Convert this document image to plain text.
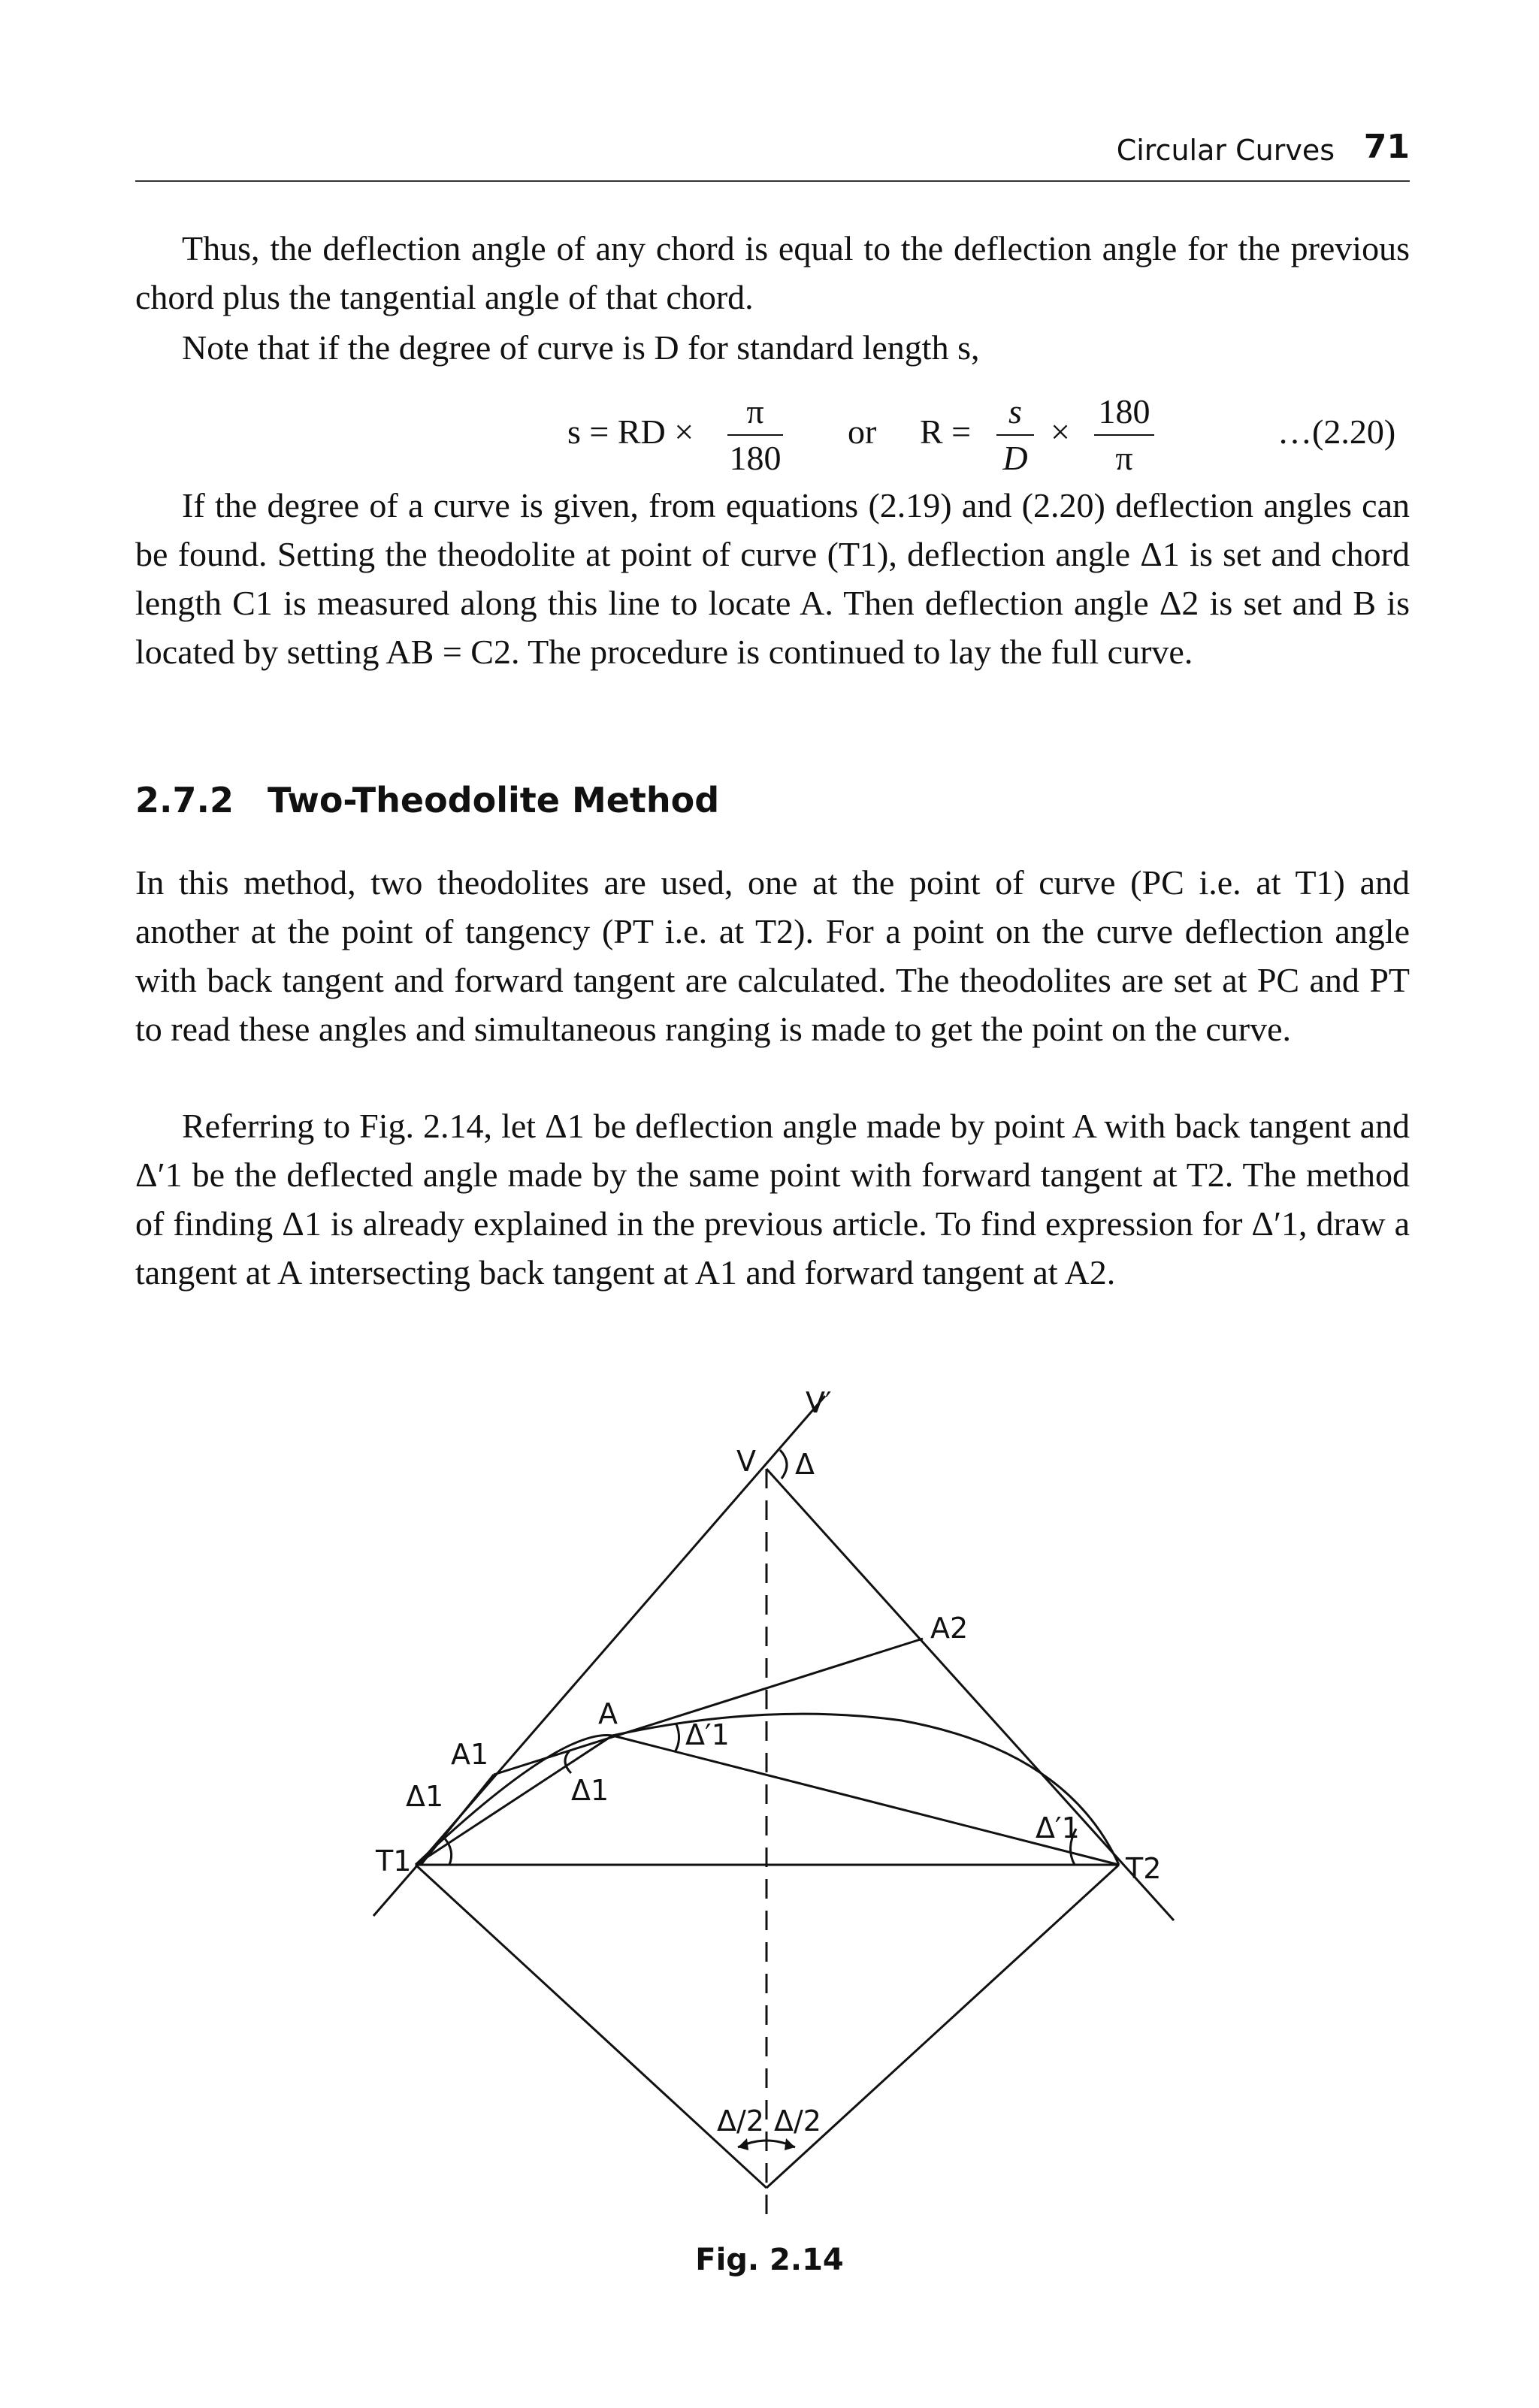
Circular Curves 71

Thus, the deflection angle of any chord is equal to the deflection angle for the previous chord plus the tangential angle of that chord.

Note that if the degree of curve is D for standard length s,

s = RD ×
π
180
or R =
s
D
×
180
π
…(2.20)

If the degree of a curve is given, from equations (2.19) and (2.20) deflection angles can be found. Setting the theodolite at point of curve (T1), deflection angle Δ1 is set and chord length C1 is measured along this line to locate A. Then deflection angle Δ2 is set and B is located by setting AB = C2. The procedure is continued to lay the full curve.

2.7.2 Two-Theodolite Method

In this method, two theodolites are used, one at the point of curve (PC i.e. at T1) and another at the point of tangency (PT i.e. at T2). For a point on the curve deflection angle with back tangent and forward tangent are calculated. The theodolites are set at PC and PT to read these angles and simultaneous ranging is made to get the point on the curve.

Referring to Fig. 2.14, let Δ1 be deflection angle made by point A with back tangent and Δ′1 be the deflected angle made by the same point with forward tangent at T2. The method of finding Δ1 is already explained in the previous article. To find expression for Δ′1, draw a tangent at A intersecting back tangent at A1 and forward tangent at A2.

V′
V Δ
A2
A
A1
Δ1	Δ1
Δ′1
Δ′1
T1	T2
Δ/2 Δ/2
Fig. 2.14
